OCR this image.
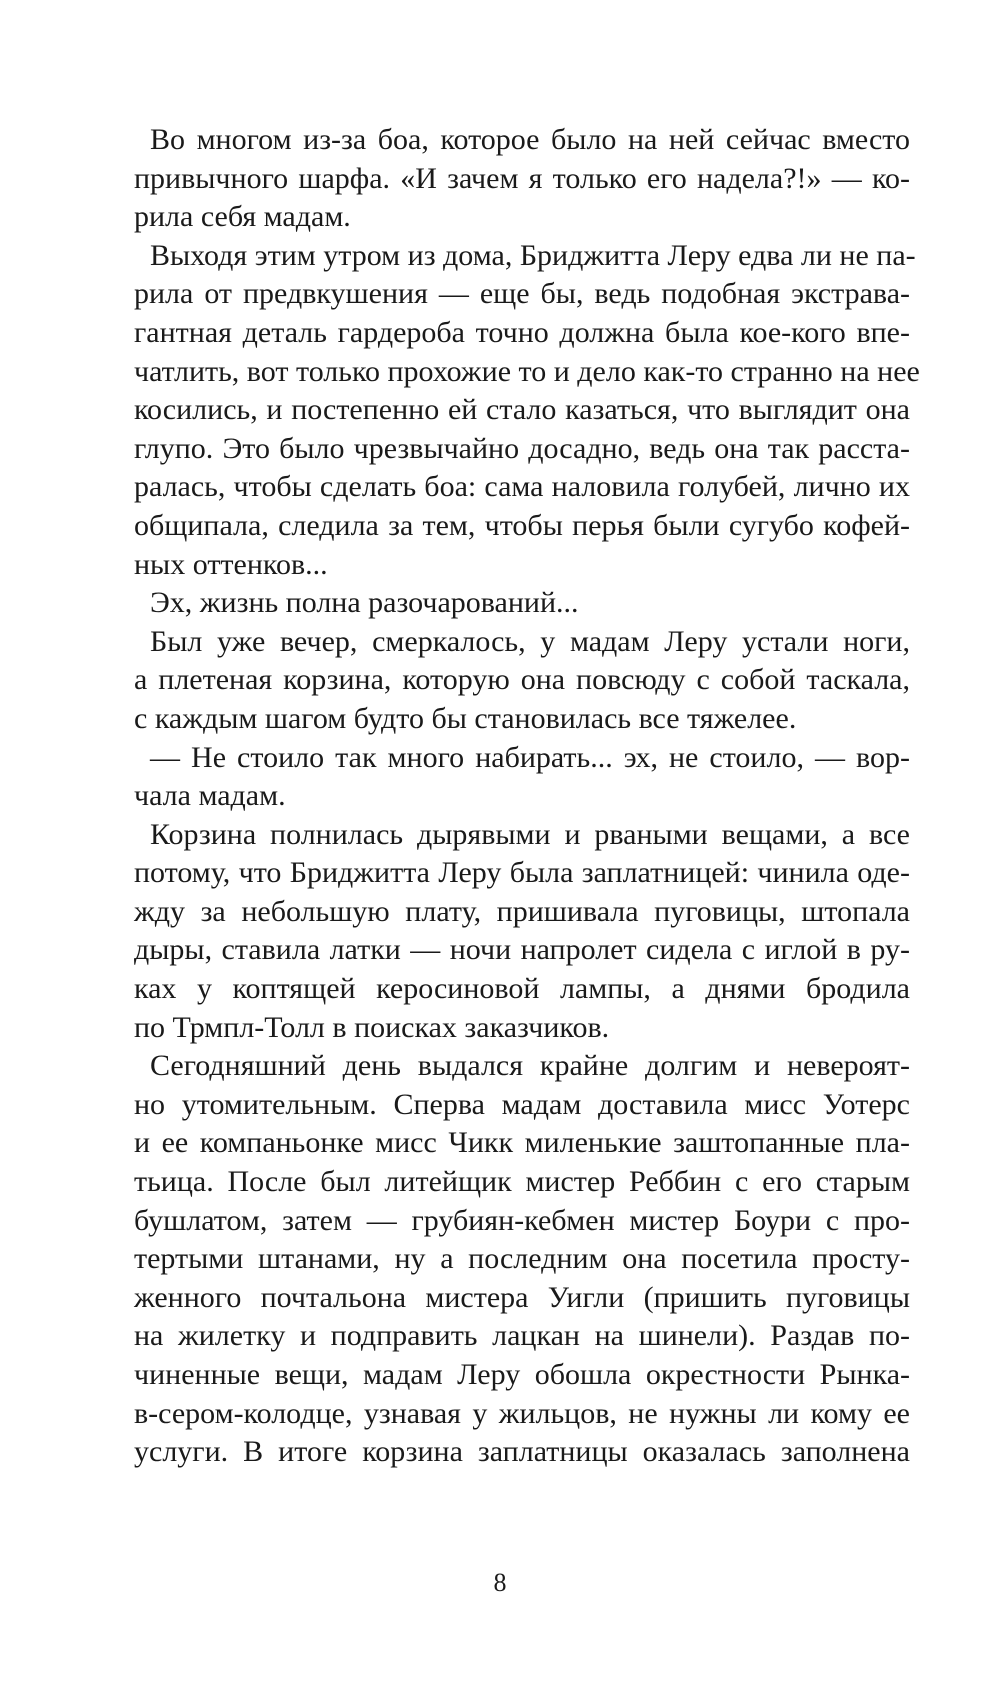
Во многом из-за боа, которое было на ней сейчас вместо
привычного шарфа. «И зачем я только его надела?!» — ко-
рила себя мадам.
Выходя этим утром из дома, Бриджитта Леру едва ли не па-
рила от предвкушения — еще бы, ведь подобная экстрава-
гантная деталь гардероба точно должна была кое-кого впе-
чатлить, вот только прохожие то и дело как-то странно на нее
косились, и постепенно ей стало казаться, что выглядит она
глупо. Это было чрезвычайно досадно, ведь она так расста-
ралась, чтобы сделать боа: сама наловила голубей, лично их
общипала, следила за тем, чтобы перья были сугубо кофей-
ных оттенков...
Эх, жизнь полна разочарований...
Был уже вечер, смеркалось, у мадам Леру устали ноги,
а плетеная корзина, которую она повсюду с собой таскала,
с каждым шагом будто бы становилась все тяжелее.
— Не стоило так много набирать... эх, не стоило, — вор-
чала мадам.
Корзина полнилась дырявыми и рваными вещами, а все
потому, что Бриджитта Леру была заплатницей: чинила оде-
жду за небольшую плату, пришивала пуговицы, штопала
дыры, ставила латки — ночи напролет сидела с иглой в ру-
ках у коптящей керосиновой лампы, а днями бродила
по Трмпл-Толл в поисках заказчиков.
Сегодняшний день выдался крайне долгим и невероят-
но утомительным. Сперва мадам доставила мисс Уотерс
и ее компаньонке мисс Чикк миленькие заштопанные пла-
тьица. После был литейщик мистер Реббин с его старым
бушлатом, затем — грубиян-кебмен мистер Боури с про-
тертыми штанами, ну а последним она посетила просту-
женного почтальона мистера Уигли (пришить пуговицы
на жилетку и подправить лацкан на шинели). Раздав по-
чиненные вещи, мадам Леру обошла окрестности Рынка-
в-сером-колодце, узнавая у жильцов, не нужны ли кому ее
услуги. В итоге корзина заплатницы оказалась заполнена
8
